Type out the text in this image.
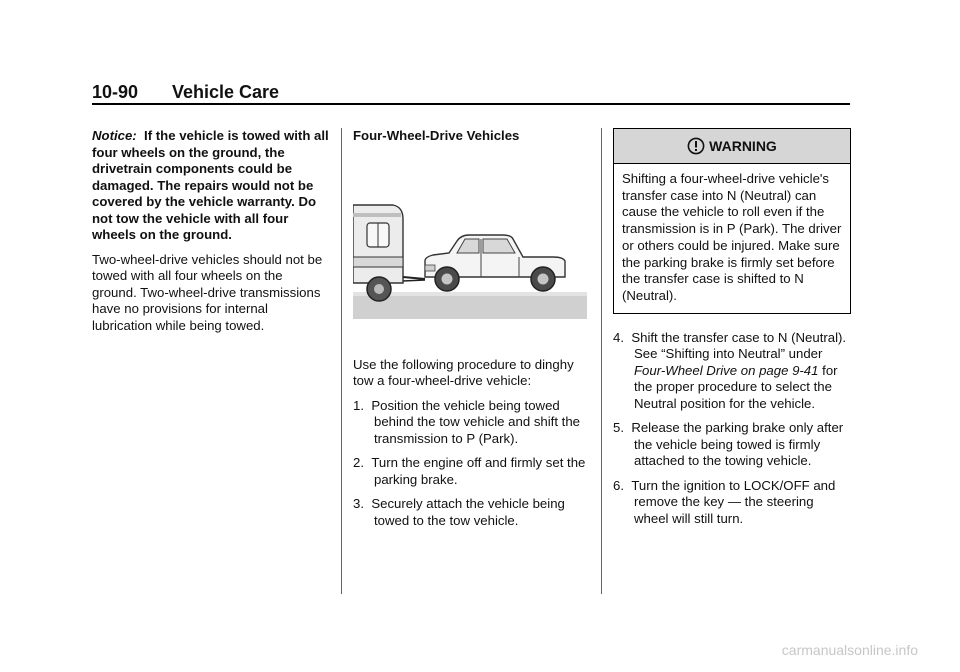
10-90 Vehicle Care

Notice: If the vehicle is towed with all four wheels on the ground, the drivetrain components could be damaged. The repairs would not be covered by the vehicle warranty. Do not tow the vehicle with all four wheels on the ground.

Two-wheel-drive vehicles should not be towed with all four wheels on the ground. Two-wheel-drive transmissions have no provisions for internal lubrication while being towed.

Four-Wheel-Drive Vehicles

Use the following procedure to dinghy tow a four-wheel-drive vehicle:

1. Position the vehicle being towed behind the tow vehicle and shift the transmission to P (Park).

2. Turn the engine off and firmly set the parking brake.

3. Securely attach the vehicle being towed to the tow vehicle.

WARNING
Shifting a four-wheel-drive vehicle's transfer case into N (Neutral) can cause the vehicle to roll even if the transmission is in P (Park). The driver or others could be injured. Make sure the parking brake is firmly set before the transfer case is shifted to N (Neutral).

4. Shift the transfer case to N (Neutral). See “Shifting into Neutral” under Four-Wheel Drive on page 9-41 for the proper procedure to select the Neutral position for the vehicle.

5. Release the parking brake only after the vehicle being towed is firmly attached to the towing vehicle.

6. Turn the ignition to LOCK/OFF and remove the key — the steering wheel will still turn.

carmanualsonline.info
